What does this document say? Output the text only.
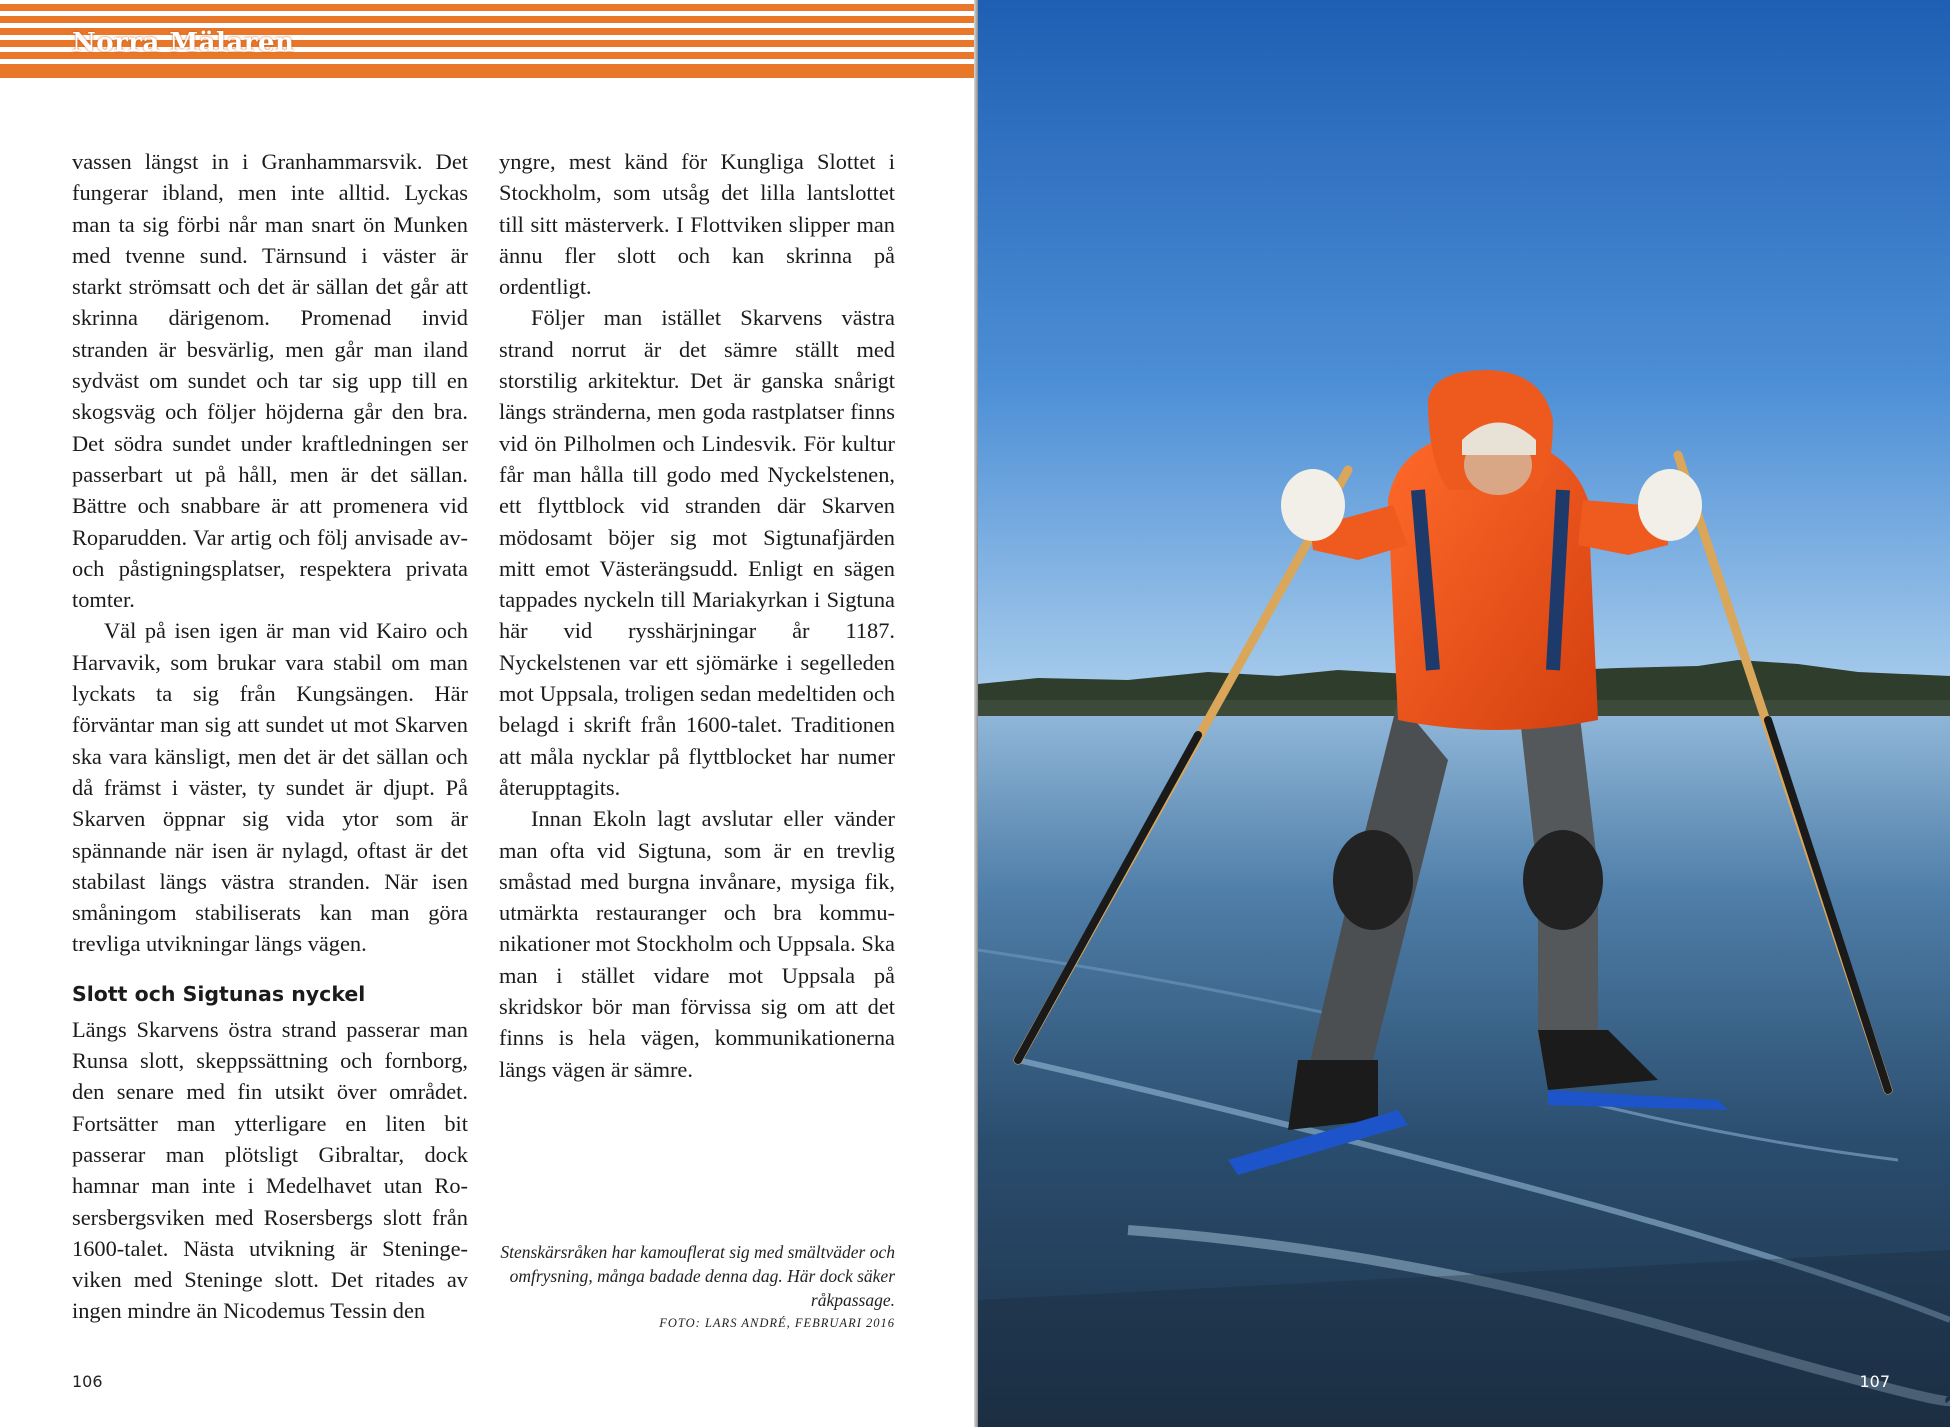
Norra Mälaren

vassen längst in i Granhammarsvik. Det fungerar ibland, men inte alltid. Lyckas man ta sig förbi når man snart ön Munken med tvenne sund. Tärnsund i väster är starkt strömsatt och det är sällan det går att skrinna därigenom. Promenad invid stranden är besvärlig, men går man iland sydväst om sundet och tar sig upp till en skogsväg och följer höjderna går den bra. Det södra sundet under kraftledningen ser passerbart ut på håll, men är det sällan. Bättre och snabbare är att promenera vid Roparudden. Var artig och följ anvisade av- och påstigningsplatser, respektera privata tomter.

Väl på isen igen är man vid Kairo och Harvavik, som brukar vara stabil om man lyckats ta sig från Kungsängen. Här förväntar man sig att sundet ut mot Skarven ska vara känsligt, men det är det sällan och då främst i väster, ty sundet är djupt. På Skarven öppnar sig vida ytor som är spännande när isen är nylagd, oftast är det stabilast längs västra stranden. När isen småningom stabiliserats kan man göra trevliga utvikningar längs vägen.

Slott och Sigtunas nyckel

Längs Skarvens östra strand passerar man Runsa slott, skeppssättning och fornborg, den senare med fin utsikt över området. Fortsätter man ytterligare en liten bit passerar man plötsligt Gibraltar, dock hamnar man inte i Medelhavet utan Rosersbergsviken med Rosersbergs slott från 1600-talet. Nästa utvikning är Steningeviken med Steninge slott. Det ritades av ingen mindre än Nicodemus Tessin den

yngre, mest känd för Kungliga Slottet i Stockholm, som utsåg det lilla lantslottet till sitt mästerverk. I Flottviken slipper man ännu fler slott och kan skrinna på ordentligt.

Följer man istället Skarvens västra strand norrut är det sämre ställt med storstilig arkitektur. Det är ganska snårigt längs stränderna, men goda rastplatser finns vid ön Pilholmen och Lindesvik. För kultur får man hålla till godo med Nyckelstenen, ett flyttblock vid stranden där Skarven mödosamt böjer sig mot Sigtunafjärden mitt emot Västerängsudd. Enligt en sägen tappades nyckeln till Mariakyrkan i Sigtuna här vid rysshärjningar år 1187. Nyckelstenen var ett sjömärke i segelleden mot Uppsala, troligen sedan medeltiden och belagd i skrift från 1600-talet. Traditionen att måla nycklar på flyttblocket har numer återupptagits.

Innan Ekoln lagt avslutar eller vänder man ofta vid Sigtuna, som är en trevlig småstad med burgna invånare, mysiga fik, utmärkta restauranger och bra kommunikationer mot Stockholm och Uppsala. Ska man i stället vidare mot Uppsala på skridskor bör man förvissa sig om att det finns is hela vägen, kommunikationerna längs vägen är sämre.

Stenskärsråken har kamouflerat sig med smältväder och omfrysning, många badade denna dag. Här dock säker råkpassage.
FOTO: LARS ANDRÉ, FEBRUARI 2016
106	107
